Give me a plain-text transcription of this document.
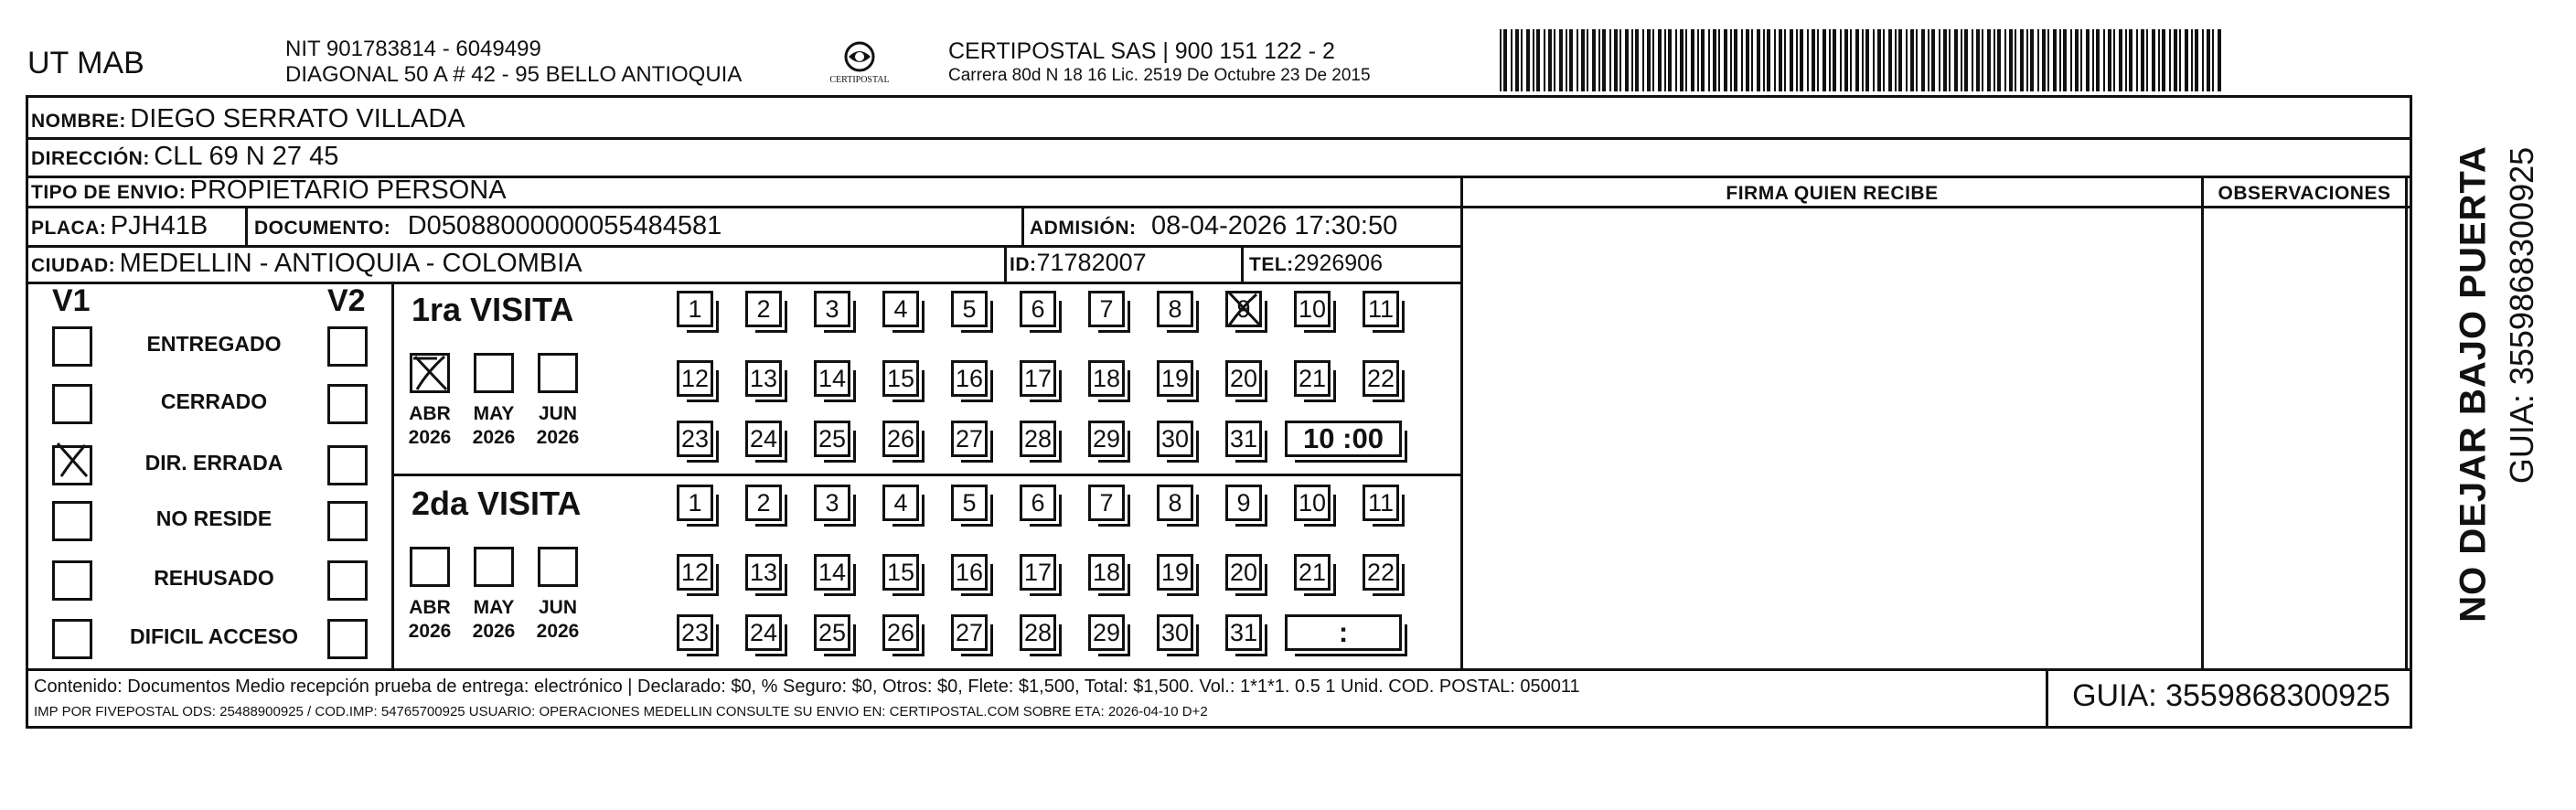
UT MAB	NIT 901783814 - 6049499
DIAGONAL 50 A # 42 - 95 BELLO ANTIOQUIA	CERTIPOSTAL
CERTIPOSTAL SAS | 900 151 122 - 2
Carrera 80d N 18 16 Lic. 2519 De Octubre 23 De 2015
NOMBRE: DIEGO SERRATO VILLADA
DIRECCIÓN: CLL 69 N 27 45
TIPO DE ENVIO: PROPIETARIO PERSONA	FIRMA QUIEN RECIBE	OBSERVACIONES
PLACA: PJH41B DOCUMENTO: D05088000000055484581	ADMISIÓN: 08-04-2026 17:30:50
CIUDAD: MEDELLIN - ANTIOQUIA - COLOMBIA	ID:71782007	TEL:2926906
V1	V2
ENTREGADO
CERRADO
DIR. ERRADA
NO RESIDE
REHUSADO
DIFICIL ACCESO
1ra VISITA
ABR
2026
MAY
2026
JUN
2026
1	2	3	4	5	6	7	8	9	10 11
12 13 14 15 16 17 18 19 20 21 22
23 24 25 26 27 28 29 30 31	10 :00
2da VISITA
ABR
2026
MAY
2026
JUN
2026
1	2	3	4	5	6	7	8	9	10 11
12 13 14 15 16 17 18 19 20 21 22
23 24 25 26 27 28 29 30 31	:
Contenido: Documentos Medio recepción prueba de entrega: electrónico | Declarado: $0, % Seguro: $0, Otros: $0, Flete: $1,500, Total: $1,500. Vol.: 1*1*1. 0.5 1 Unid. COD. POSTAL: 050011
IMP POR FIVEPOSTAL ODS: 25488900925 / COD.IMP: 54765700925 USUARIO: OPERACIONES MEDELLIN CONSULTE SU ENVIO EN: CERTIPOSTAL.COM SOBRE ETA: 2026-04-10 D+2	GUIA: 3559868300925
NO DEJAR BAJO PUERTA GUIA: 3559868300925
